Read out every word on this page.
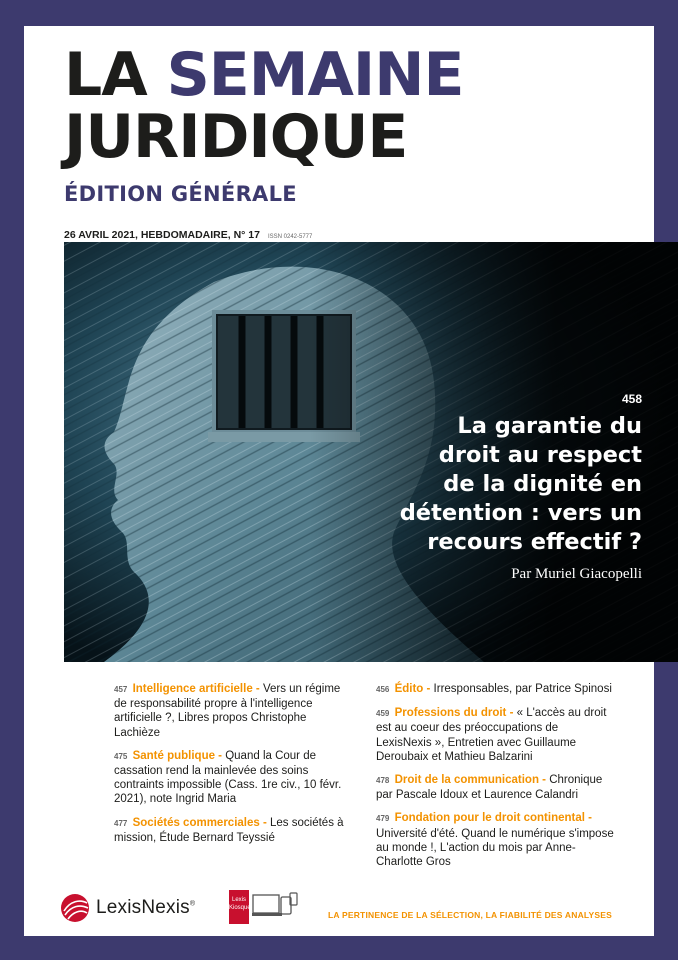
LA SEMAINE
JURIDIQUE
ÉDITION GÉNÉRALE
26 AVRIL 2021, HEBDOMADAIRE, N° 17 ISSN 0242-5777
458
La garantie du
droit au respect
de la dignité en
détention : vers un
recours effectif ?
Par Muriel Giacopelli
457 Intelligence artificielle - Vers un régime de responsabilité propre à l'intelligence artificielle ?, Libres propos Christophe Lachièze
475 Santé publique - Quand la Cour de cassation rend la mainlevée des soins contraints impossible (Cass. 1re civ., 10 févr. 2021), note Ingrid Maria
477 Sociétés commerciales - Les sociétés à mission, Étude Bernard Teyssié
456 Édito - Irresponsables, par Patrice Spinosi
459 Professions du droit - « L'accès au droit est au coeur des préoccupations de LexisNexis », Entretien avec Guillaume Deroubaix et Mathieu Balzarini
478 Droit de la communication - Chronique par Pascale Idoux et Laurence Calandri
479 Fondation pour le droit continental - Université d'été. Quand le numérique s'impose au monde !, L'action du mois par Anne-Charlotte Gros
LexisNexis®
Lexis
Kiosque
LA PERTINENCE DE LA SÉLECTION, LA FIABILITÉ DES ANALYSES
